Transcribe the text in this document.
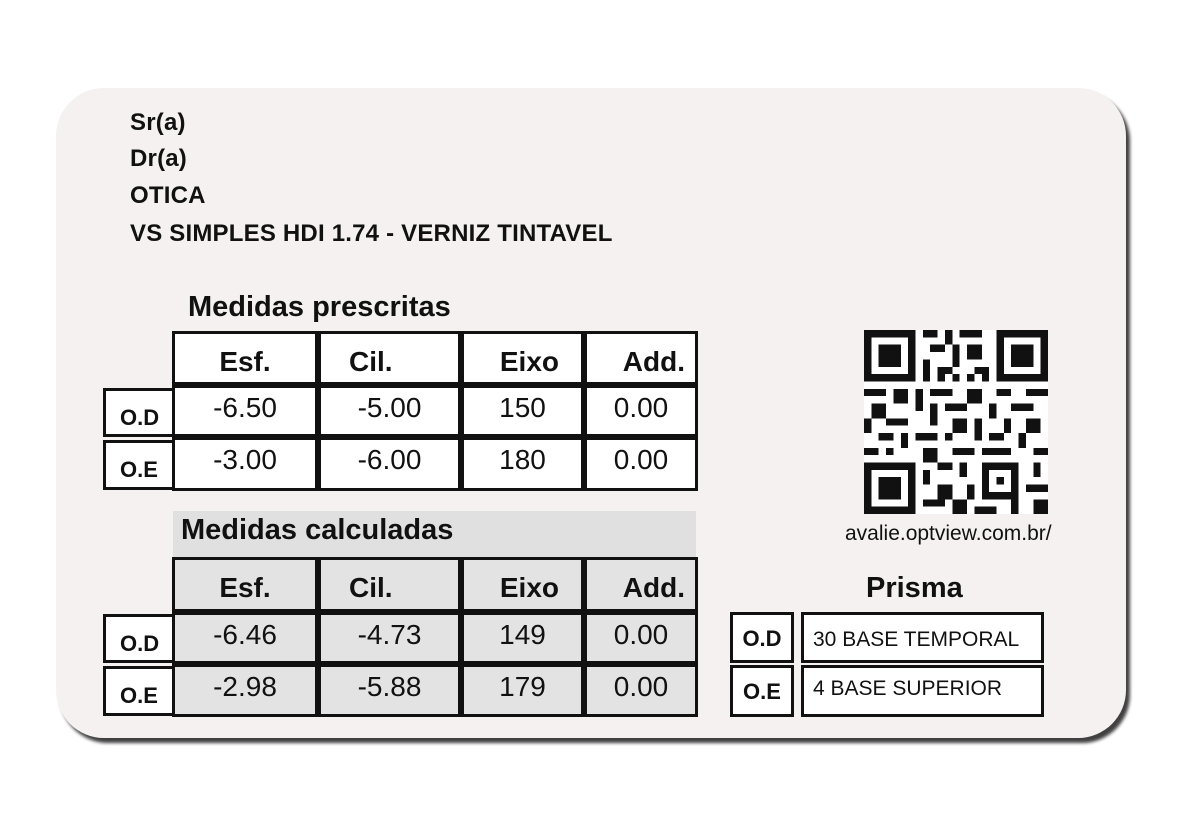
Sr(a)
Dr(a)
OTICA
VS SIMPLES HDI 1.74 - VERNIZ TINTAVEL
Medidas prescritas
Esf.	Cil.	Eixo	Add.
O.D	-6.50	-5.00	150	0.00
O.E	-3.00	-6.00	180	0.00
Medidas calculadas
Esf.	Cil.	Eixo	Add.
O.D	-6.46	-4.73	149	0.00
O.E	-2.98	-5.88	179	0.00
avalie.optview.com.br/
Prisma
O.D	30 BASE TEMPORAL
O.E	4 BASE SUPERIOR
